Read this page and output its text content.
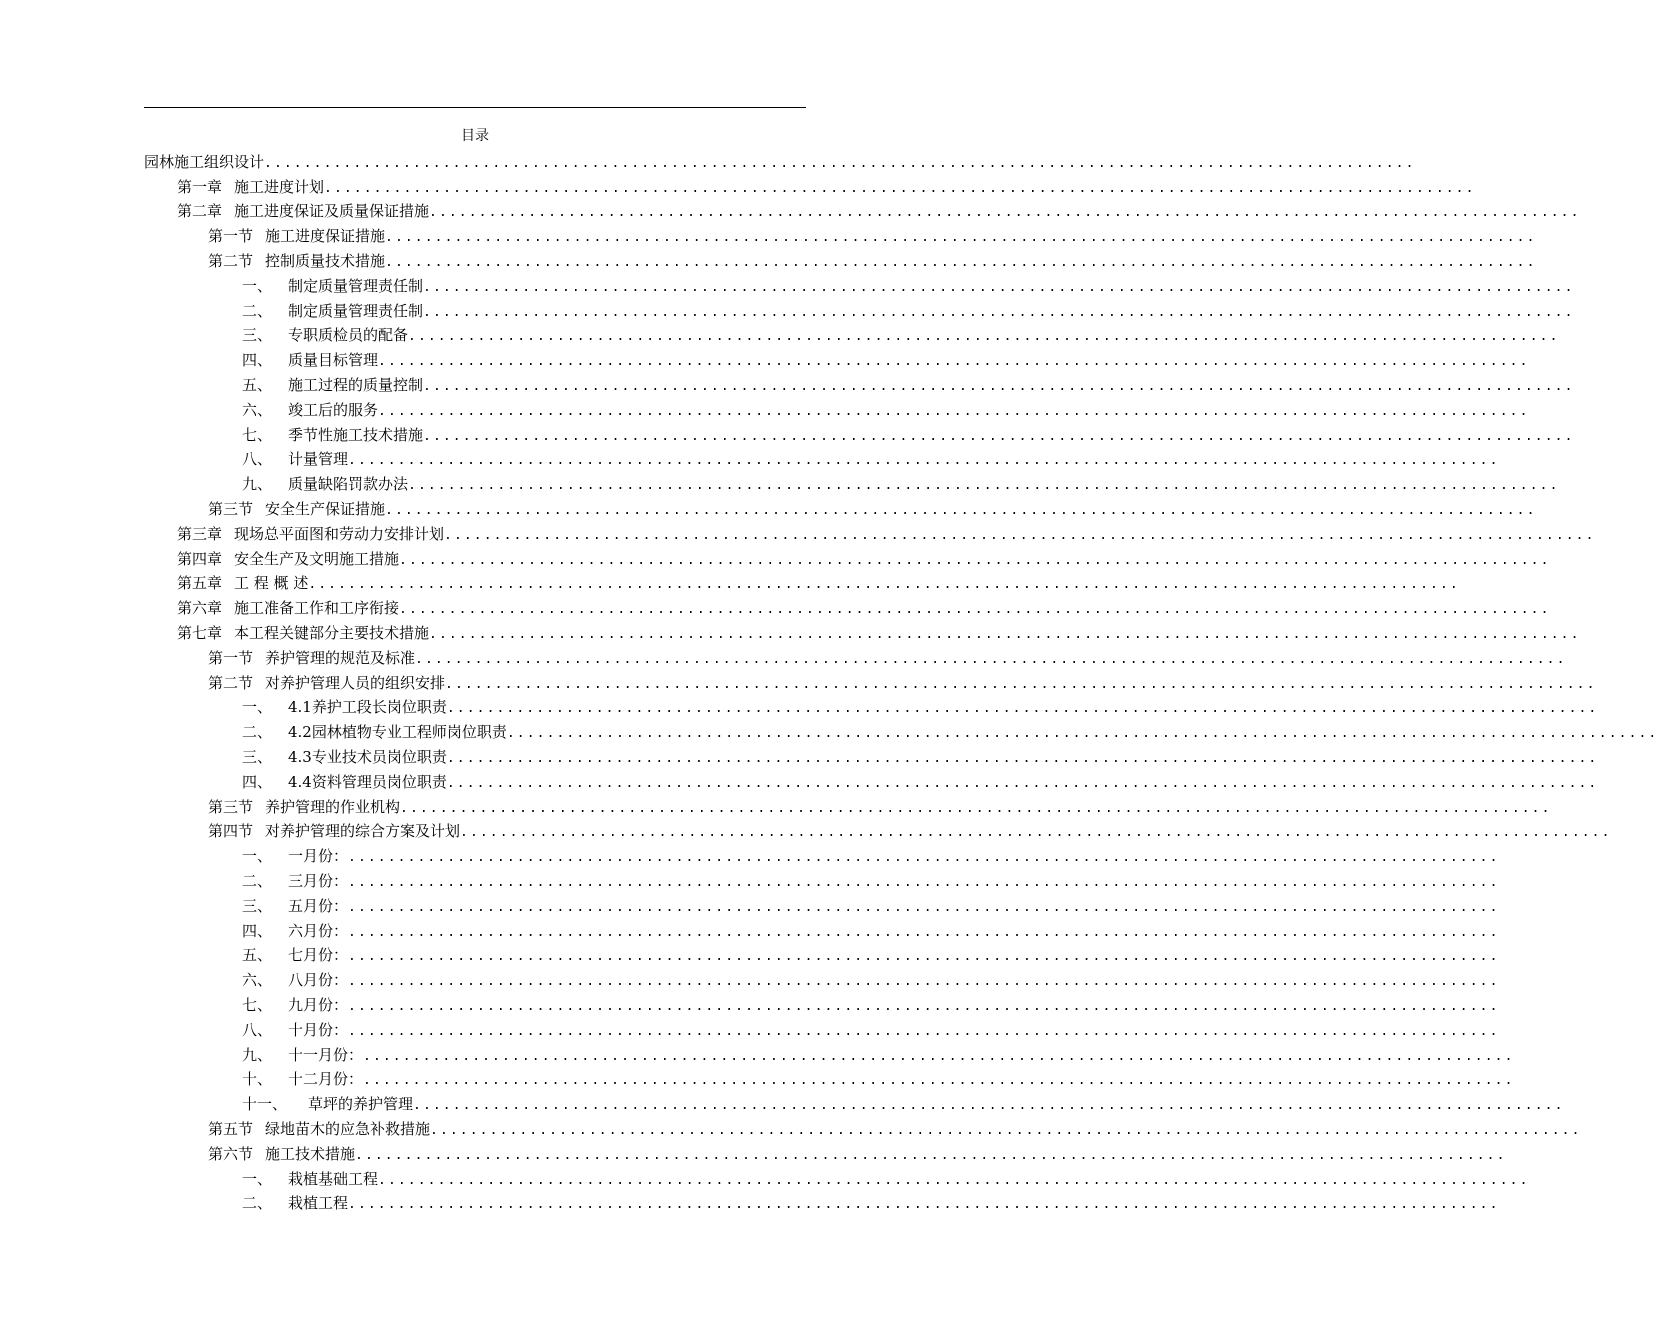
目录
园林施工组织设计 ....................................................................................................................
第一章 施工进度计划 ....................................................................................................................
第二章 施工进度保证及质量保证措施 ....................................................................................................................
第一节 施工进度保证措施 ....................................................................................................................
第二节 控制质量技术措施 ....................................................................................................................
一、	制定质量管理责任制 ....................................................................................................................
二、	制定质量管理责任制 ....................................................................................................................
三、	专职质检员的配备 ....................................................................................................................
四、	质量目标管理 ....................................................................................................................
五、	施工过程的质量控制 ....................................................................................................................
六、	竣工后的服务 ....................................................................................................................
七、	季节性施工技术措施 ....................................................................................................................
八、	计量管理 ....................................................................................................................
九、	质量缺陷罚款办法 ....................................................................................................................
第三节 安全生产保证措施 ....................................................................................................................
第三章 现场总平面图和劳动力安排计划 ....................................................................................................................
第四章 安全生产及文明施工措施 ....................................................................................................................
第五章 工 程 概 述 ....................................................................................................................
第六章 施工准备工作和工序衔接 ....................................................................................................................
第七章 本工程关键部分主要技术措施 ....................................................................................................................
第一节 养护管理的规范及标准 ....................................................................................................................
第二节 对养护管理人员的组织安排 ....................................................................................................................
一、	4.1养护工段长岗位职责 ....................................................................................................................
二、	4.2园林植物专业工程师岗位职责 ....................................................................................................................
三、	4.3专业技术员岗位职责 ....................................................................................................................
四、	4.4资料管理员岗位职责 ....................................................................................................................
第三节 养护管理的作业机构 ....................................................................................................................
第四节 对养护管理的综合方案及计划 ....................................................................................................................
一、	一月份： ....................................................................................................................
二、	三月份： ....................................................................................................................
三、	五月份： ....................................................................................................................
四、	六月份： ....................................................................................................................
五、	七月份： ....................................................................................................................
六、	八月份： ....................................................................................................................
七、	九月份： ....................................................................................................................
八、	十月份： ....................................................................................................................
九、	十一月份： ....................................................................................................................
十、	十二月份： ....................................................................................................................
十一、	草坪的养护管理 ....................................................................................................................
第五节 绿地苗木的应急补救措施 ....................................................................................................................
第六节 施工技术措施 ....................................................................................................................
一、	栽植基础工程 ....................................................................................................................
二、	栽植工程 ....................................................................................................................
